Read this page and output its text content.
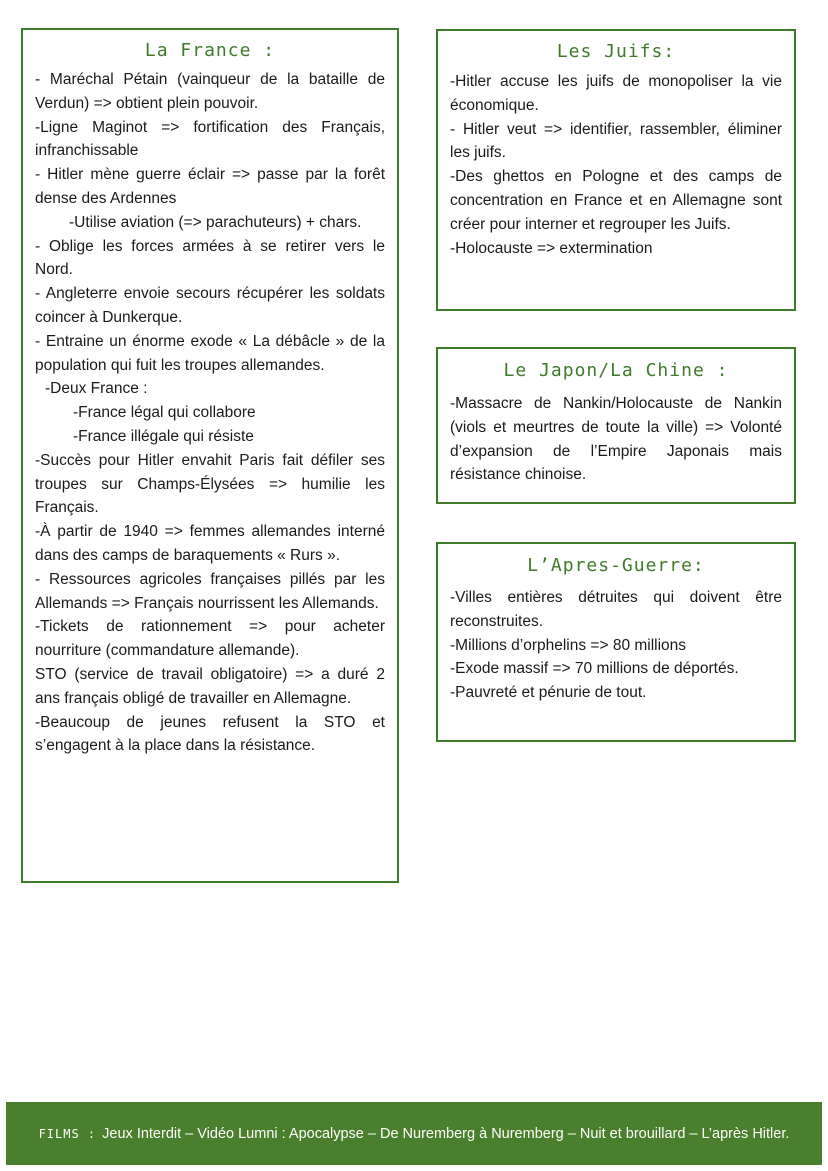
La France :
- Maréchal Pétain (vainqueur de la bataille de Verdun) => obtient plein pouvoir.
-Ligne Maginot => fortification des Français, infranchissable
- Hitler mène guerre éclair => passe par la forêt dense des Ardennes
-Utilise aviation (=> parachuteurs) + chars.
- Oblige les forces armées à se retirer vers le Nord.
- Angleterre envoie secours récupérer les soldats coincer à Dunkerque.
- Entraine un énorme exode « La débâcle » de la population qui fuit les troupes allemandes.
-Deux France :
-France légal qui collabore
-France illégale qui résiste
-Succès pour Hitler envahit Paris fait défiler ses troupes sur Champs-Élysées => humilie les Français.
-À partir de 1940 => femmes allemandes interné dans des camps de baraquements « Rurs ».
- Ressources agricoles françaises pillés par les Allemands => Français nourrissent les Allemands.
-Tickets de rationnement => pour acheter nourriture (commandature allemande).
STO (service de travail obligatoire) => a duré 2 ans français obligé de travailler en Allemagne.
-Beaucoup de jeunes refusent la STO et s’engagent à la place dans la résistance.
Les Juifs:
-Hitler accuse les juifs de monopoliser la vie économique.
- Hitler veut => identifier, rassembler, éliminer les juifs.
-Des ghettos en Pologne et des camps de concentration en France et en Allemagne sont créer pour interner et regrouper les Juifs.
-Holocauste => extermination
Le Japon/La Chine :
-Massacre de Nankin/Holocauste de Nankin (viols et meurtres de toute la ville) => Volonté d’expansion de l’Empire Japonais mais résistance chinoise.
L’Apres-Guerre:
-Villes entières détruites qui doivent être reconstruites.
-Millions d’orphelins => 80 millions
-Exode massif => 70 millions de déportés.
-Pauvreté et pénurie de tout.
FILMS : Jeux Interdit – Vidéo Lumni : Apocalypse – De Nuremberg à Nuremberg – Nuit et brouillard – L’après Hitler.
